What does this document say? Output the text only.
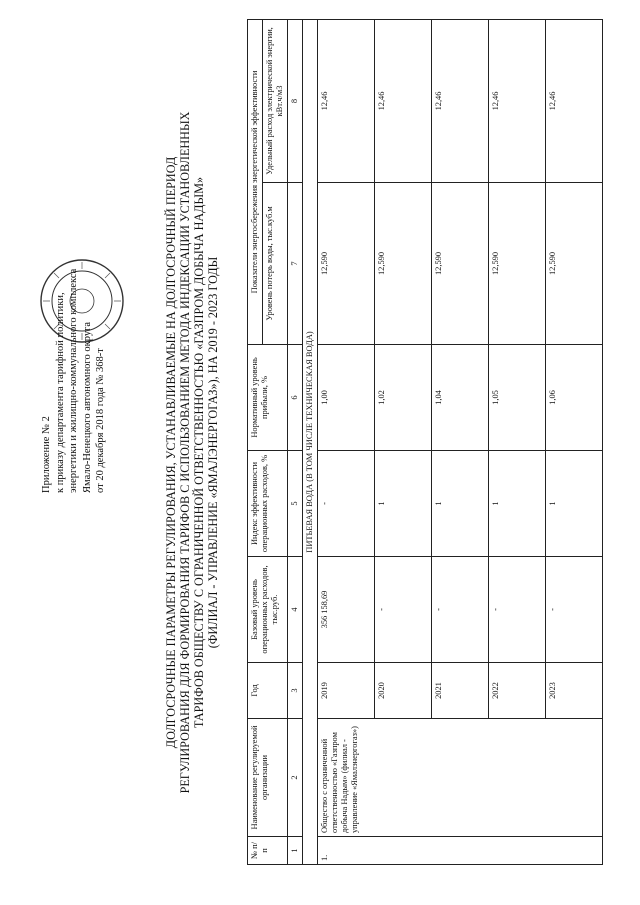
Приложение № 2 к приказу департамента тарифной политики, энергетики и жилищно-коммунального комплекса Ямало-Ненецкого автономного округа от 20 декабря 2018 года № 368-т	ДОЛГОСРОЧНЫЕ ПАРАМЕТРЫ РЕГУЛИРОВАНИЯ, УСТАНАВЛИВАЕМЫЕ НА ДОЛГОСРОЧНЫЙ ПЕРИОД РЕГУЛИРОВАНИЯ ДЛЯ ФОРМИРОВАНИЯ ТАРИФОВ С ИСПОЛЬЗОВАНИЕМ МЕТОДА ИНДЕКСАЦИИ УСТАНОВЛЕННЫХ ТАРИФОВ ОБЩЕСТВУ С ОГРАНИЧЕННОЙ ОТВЕТСТВЕННОСТЬЮ «ГАЗПРОМ ДОБЫЧА НАДЫМ» (ФИЛИАЛ - УПРАВЛЕНИЕ «ЯМАЛЭНЕРГОГАЗ»), НА 2019 - 2023 ГОДЫ
№ п/п	Наименование регулируемой организации	Год	Базовый уровень операционных расходов, тыс.руб.	Индекс эффективности операционных расходов, %	Нормативный уровень прибыли, %	Показатели энергосбережения энергетической эффективности	
						Уровень потерь воды, тыс.куб.м	Удельный расход электрической энергии, кВт.ч/м3
1	2	3	4	5	6	7	8
ПИТЬЕВАЯ ВОДА (В ТОМ ЧИСЛЕ ТЕХНИЧЕСКАЯ ВОДА)							
1.	Общество с ограниченной ответственностью «Газпром добыча Надым» (филиал - управление «Ямалэнергогаз»)	2019	356 158,69	-	1,00	12,590	12,46
		2020	-	1	1,02	12,590	12,46
		2021	-	1	1,04	12,590	12,46
		2022	-	1	1,05	12,590	12,46
		2023	-	1	1,06	12,590	12,46
